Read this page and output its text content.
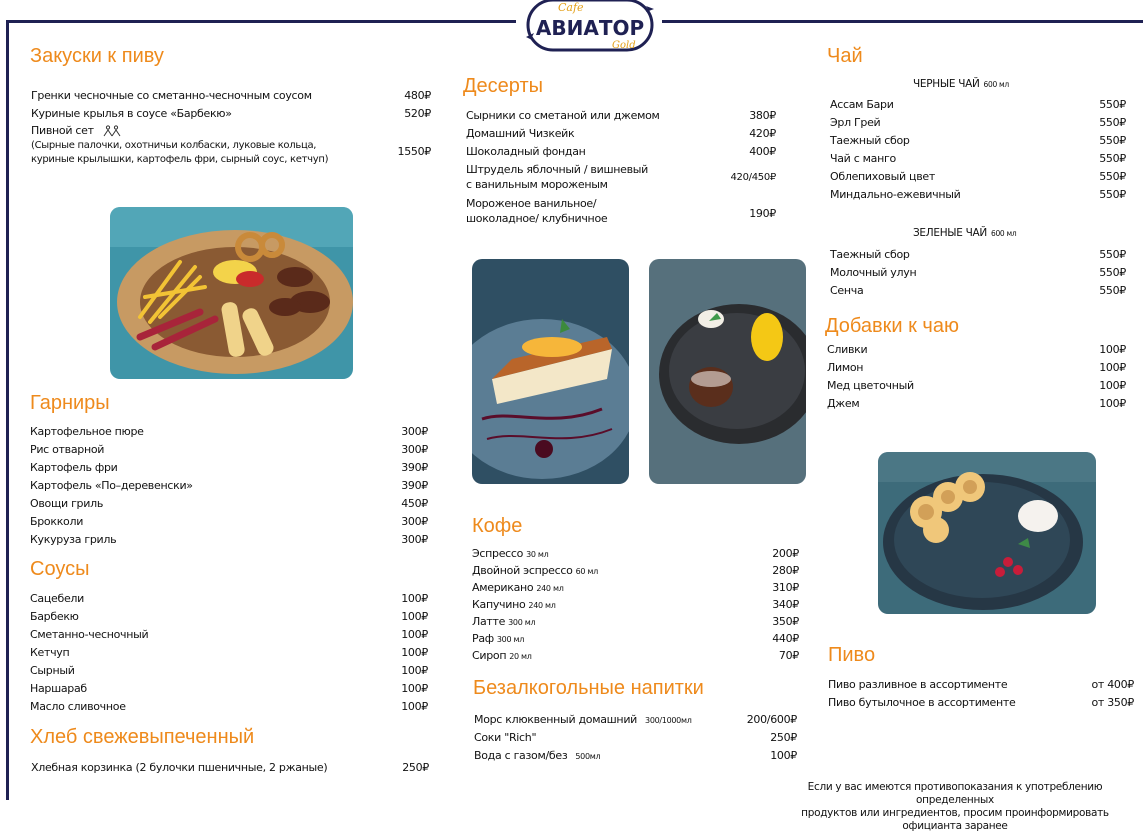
Cafe
АВИАТОР
Gold
Закуски к пиву
Гренки чесночные со сметанно-чесночным соусом	480₽
Куриные крылья в соусе «Барбекю»	520₽
Пивной сет
(Сырные палочки, охотничьи колбаски, луковые кольца,
куриные крылышки, картофель фри, сырный соус, кетчуп)
1550₽
Гарниры
Картофельное пюре	300₽
Рис отварной	300₽
Картофель фри	390₽
Картофель «По–деревенски»	390₽
Овощи гриль	450₽
Брокколи	300₽
Кукуруза гриль	300₽
Соусы
Сацебели	100₽
Барбекю	100₽
Сметанно-чесночный	100₽
Кетчуп	100₽
Сырный	100₽
Наршараб	100₽
Масло сливочное	100₽
Хлеб свежевыпеченный
Хлебная корзинка (2 булочки пшеничные, 2 ржаные)	250₽
Десерты
Сырники со сметаной или джемом	380₽
Домашний Чизкейк	420₽
Шоколадный фондан	400₽
Штрудель яблочный / вишневый
с ванильным мороженым
420/450₽
Мороженое ванильное/
шоколадное/ клубничное	190₽
Кофе
Эспрессо 30 мл	200₽
Двойной эспрессо 60 мл	280₽
Американо 240 мл	310₽
Капучино 240 мл	340₽
Латте 300 мл	350₽
Раф 300 мл	440₽
Сироп 20 мл	70₽
Безалкогольные напитки
Морс клюквенный домашний 300/1000мл	200/600₽
Соки "Rich"	250₽
Вода с газом/без 500мл	100₽
Чай
ЧЕРНЫЕ ЧАЙ 600 мл
Ассам Бари	550₽
Эрл Грей	550₽
Таежный сбор	550₽
Чай с манго	550₽
Облепиховый цвет	550₽
Миндально-ежевичный	550₽
ЗЕЛЕНЫЕ ЧАЙ 600 мл
Таежный сбор	550₽
Молочный улун	550₽
Сенча	550₽
Добавки к чаю
Сливки	100₽
Лимон	100₽
Мед цветочный	100₽
Джем	100₽
Пиво
Пиво разливное в ассортименте	от 400₽
Пиво бутылочное в ассортименте	от 350₽
Если у вас имеются противопоказания к употреблению определенных
продуктов или ингредиентов, просим проинформировать официанта заранее
